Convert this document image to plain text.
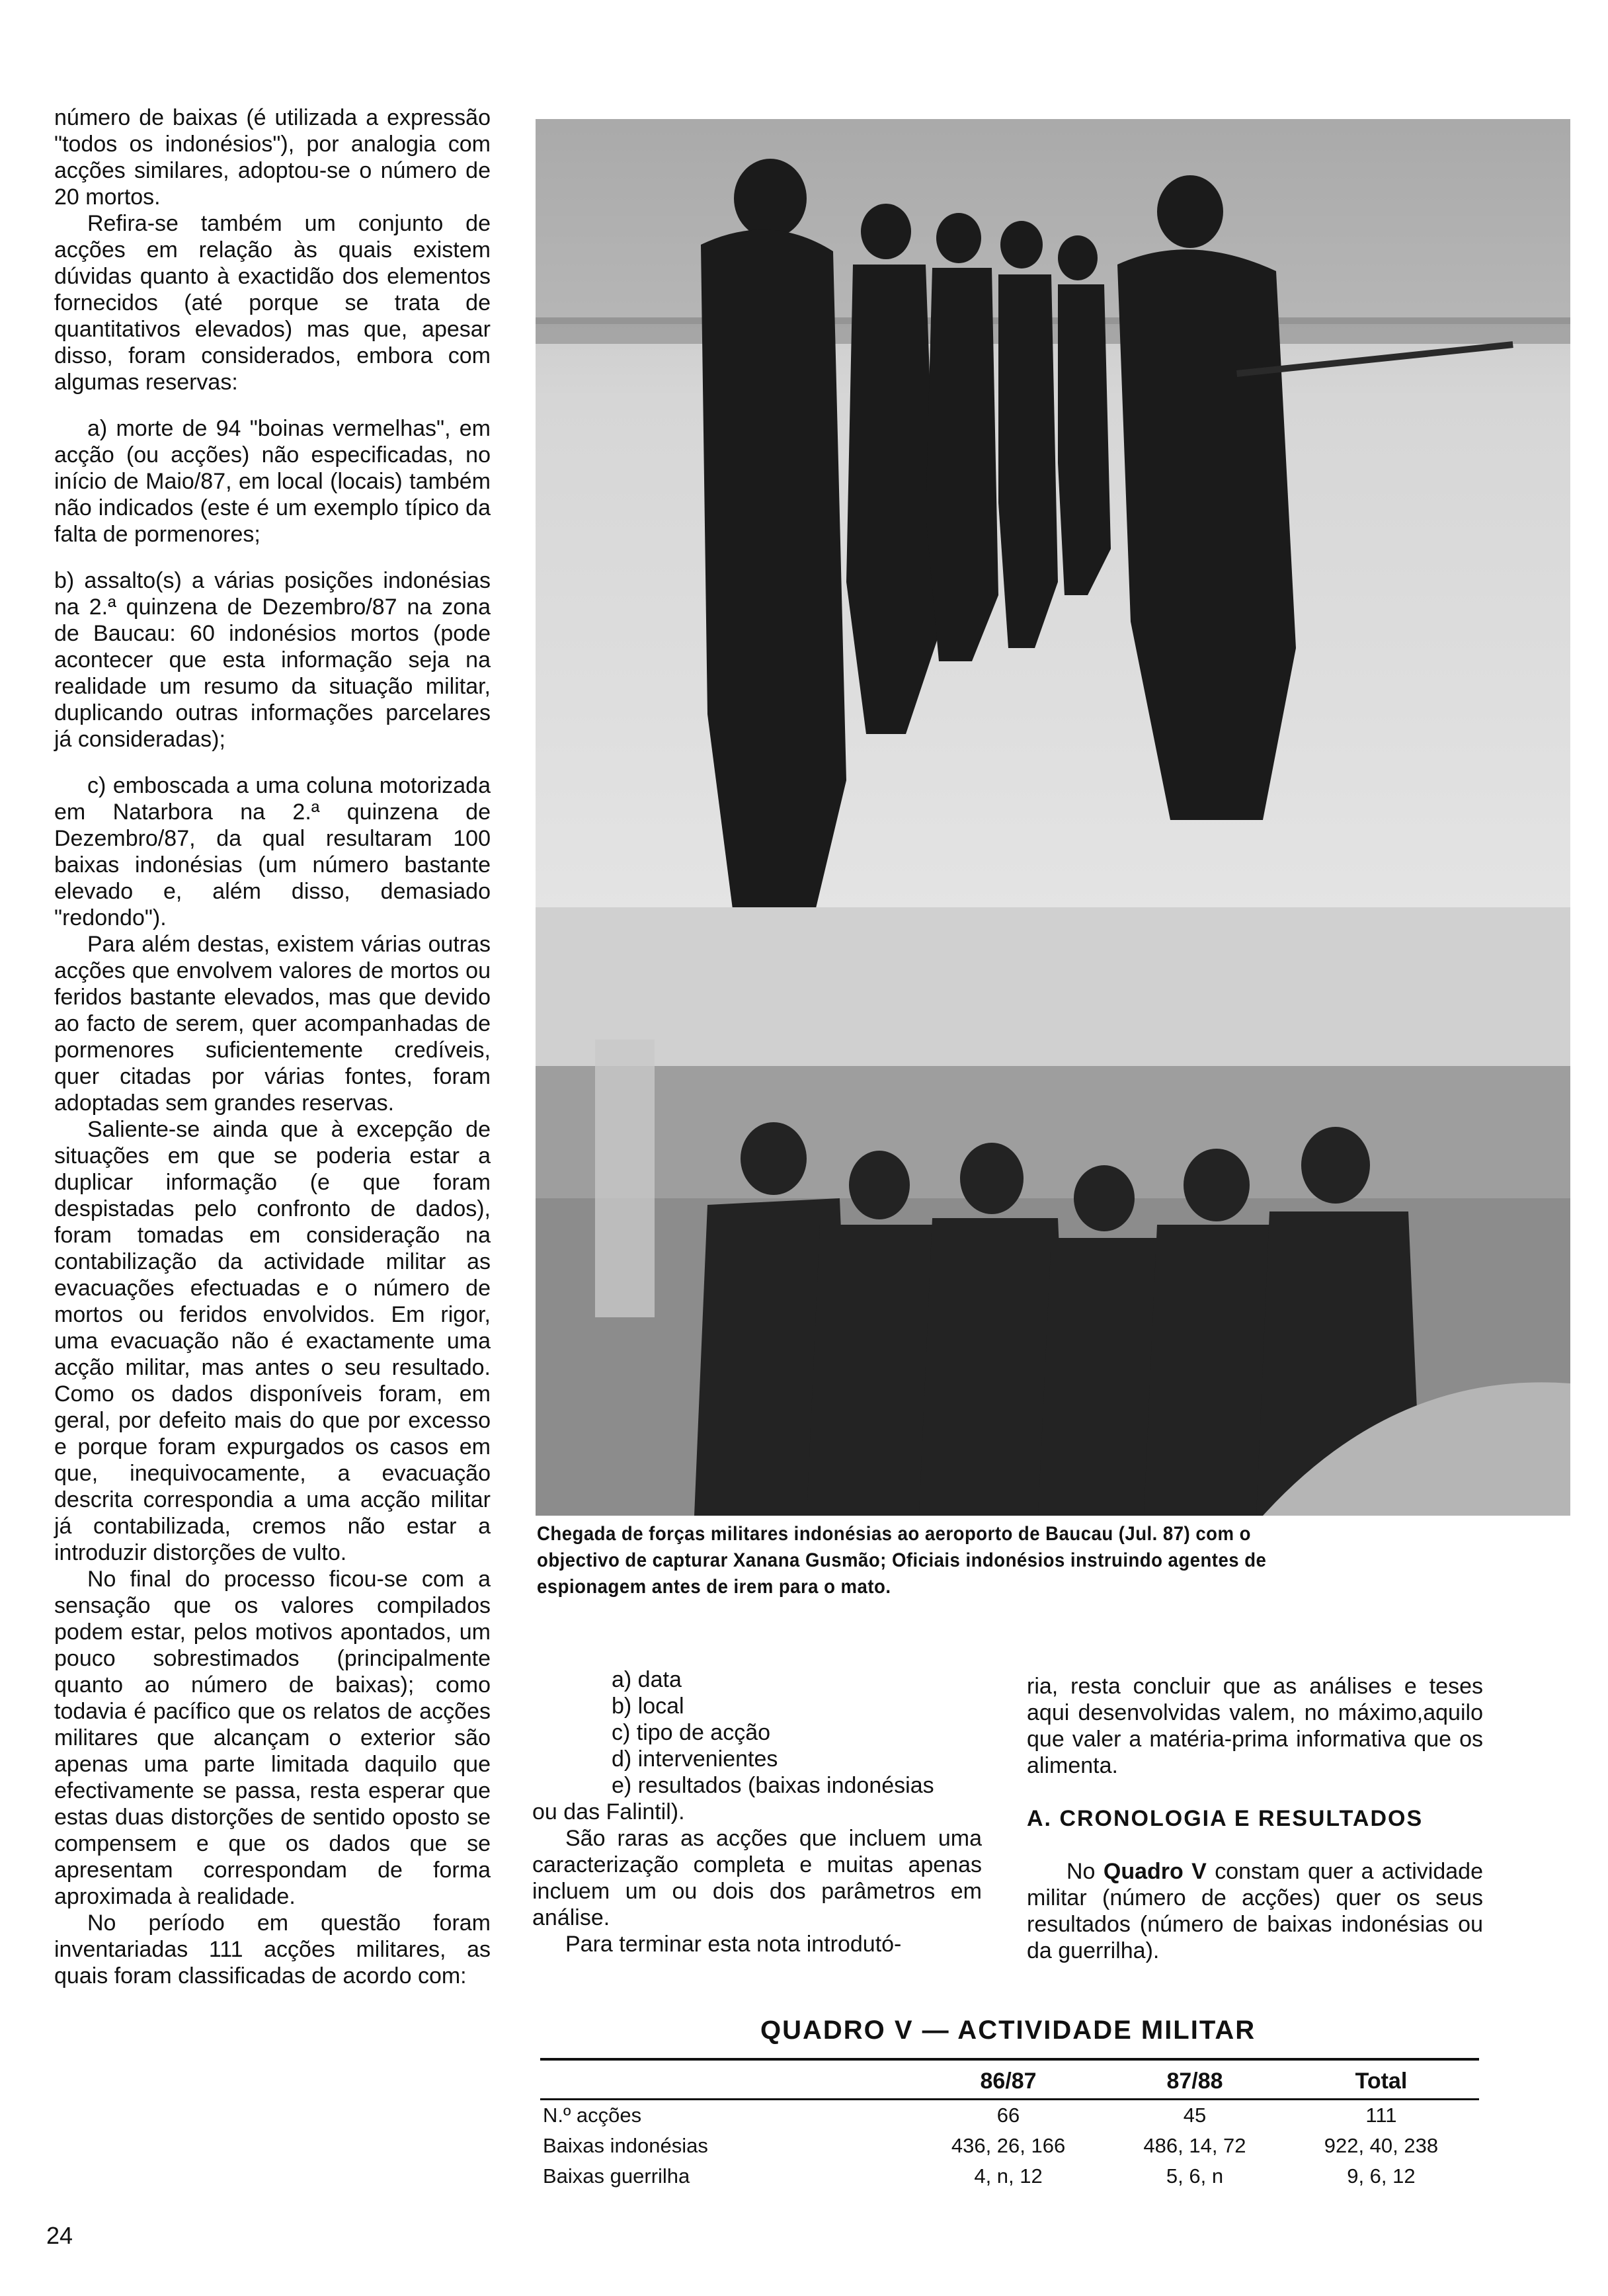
número de baixas (é utilizada a expressão "todos os indonésios"), por analogia com acções similares, adoptou-se o número de 20 mortos.

Refira-se também um conjunto de acções em relação às quais existem dúvidas quanto à exactidão dos elementos fornecidos (até porque se trata de quantitativos elevados) mas que, apesar disso, foram considerados, embora com algumas reservas:

a) morte de 94 "boinas vermelhas", em acção (ou acções) não especificadas, no início de Maio/87, em local (locais) também não indicados (este é um exemplo típico da falta de pormenores;

b) assalto(s) a várias posições indonésias na 2.ª quinzena de Dezembro/87 na zona de Baucau: 60 indonésios mortos (pode acontecer que esta informação seja na realidade um resumo da situação militar, duplicando outras informações parcelares já consideradas);

c) emboscada a uma coluna motorizada em Natarbora na 2.ª quinzena de Dezembro/87, da qual resultaram 100 baixas indonésias (um número bastante elevado e, além disso, demasiado "redondo").

Para além destas, existem várias outras acções que envolvem valores de mortos ou feridos bastante elevados, mas que devido ao facto de serem, quer acompanhadas de pormenores suficientemente credíveis, quer citadas por várias fontes, foram adoptadas sem grandes reservas.

Saliente-se ainda que à excepção de situações em que se poderia estar a duplicar informação (e que foram despistadas pelo confronto de dados), foram tomadas em consideração na contabilização da actividade militar as evacuações efectuadas e o número de mortos ou feridos envolvidos. Em rigor, uma evacuação não é exactamente uma acção militar, mas antes o seu resultado. Como os dados disponíveis foram, em geral, por defeito mais do que por excesso e porque foram expurgados os casos em que, inequivocamente, a evacuação descrita correspondia a uma acção militar já contabilizada, cremos não estar a introduzir distorções de vulto.

No final do processo ficou-se com a sensação que os valores compilados podem estar, pelos motivos apontados, um pouco sobrestimados (principalmente quanto ao número de baixas); como todavia é pacífico que os relatos de acções militares que alcançam o exterior são apenas uma parte limitada daquilo que efectivamente se passa, resta esperar que estas duas distorções de sentido oposto se compensem e que os dados que se apresentam correspondam de forma aproximada à realidade.

No período em questão foram inventariadas 111 acções militares, as quais foram classificadas de acordo com:

Chegada de forças militares indonésias ao aeroporto de Baucau (Jul. 87) com o objectivo de capturar Xanana Gusmão; Oficiais indonésios instruindo agentes de espionagem antes de irem para o mato.
a) data
b) local
c) tipo de acção
d) intervenientes
e) resultados (baixas indonésias

ou das Falintil).

São raras as acções que incluem uma caracterização completa e muitas apenas incluem um ou dois dos parâmetros em análise.

Para terminar esta nota introdutó-

ria, resta concluir que as análises e teses aqui desenvolvidas valem, no máximo,aquilo que valer a matéria-prima informativa que os alimenta.

A. CRONOLOGIA E RESULTADOS

No Quadro V constam quer a actividade militar (número de acções) quer os seus resultados (número de baixas indonésias ou da guerrilha).

QUADRO V — ACTIVIDADE MILITAR
	86/87	87/88	Total
N.º acções	66	45	111
Baixas indonésias	436, 26, 166	486, 14, 72	922, 40, 238
Baixas guerrilha	4, n, 12	5, 6, n	9, 6, 12
24
